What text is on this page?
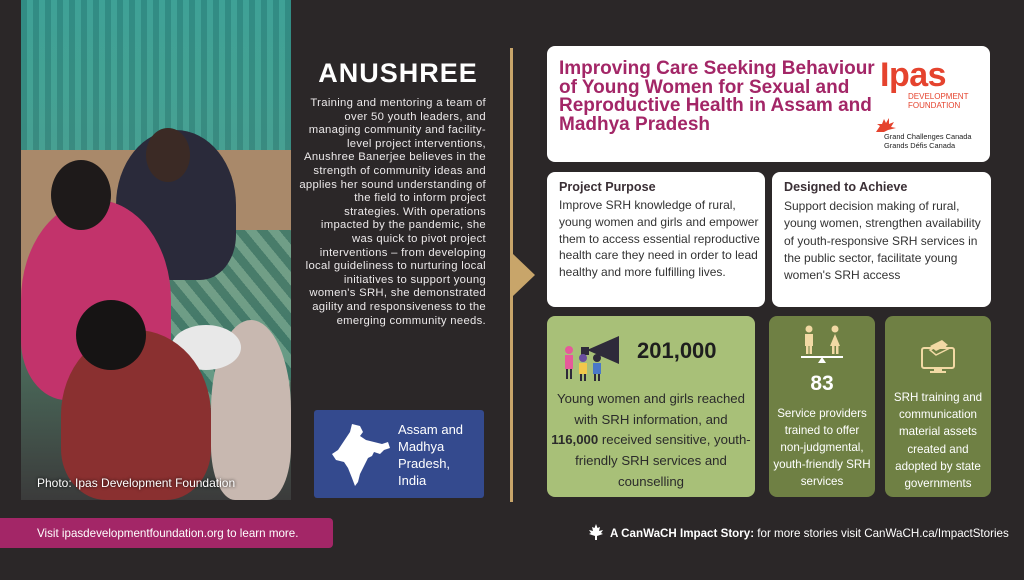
Photo: Ipas Development Foundation
ANUSHREE
Training and mentoring a team of over 50 youth leaders, and managing community and facility-level project interventions, Anushree Banerjee believes in the strength of community ideas and applies her sound understanding of the field to inform project strategies. With operations impacted by the pandemic, she was quick to pivot project interventions – from developing local guideliness to nurturing local initiatives to support young women's SRH, she demonstrated agility and responsiveness to the emerging community needs.
Assam and Madhya Pradesh, India
Improving Care Seeking Behaviour of Young Women for Sexual and Reproductive Health in Assam and Madhya Pradesh
Ipas
DEVELOPMENT FOUNDATION
Grand Challenges Canada
Grands Défis Canada
Project Purpose

Improve SRH knowledge of rural, young women and girls and empower them to access essential reproductive health care they need in order to lead healthy and more fulfilling lives.

Designed to Achieve

Support decision making of rural, young women, strengthen availability of youth-responsive SRH services in the public sector, facilitate young women's SRH access

201,000
Young women and girls reached with SRH information, and 116,000 received sensitive, youth-friendly SRH services and counselling
83
Service providers trained to offer non-judgmental, youth-friendly SRH services
SRH training and communication material assets created and adopted by state governments
Visit ipasdevelopmentfoundation.org to learn more.	A CanWaCH Impact Story: for more stories visit CanWaCH.ca/ImpactStories
